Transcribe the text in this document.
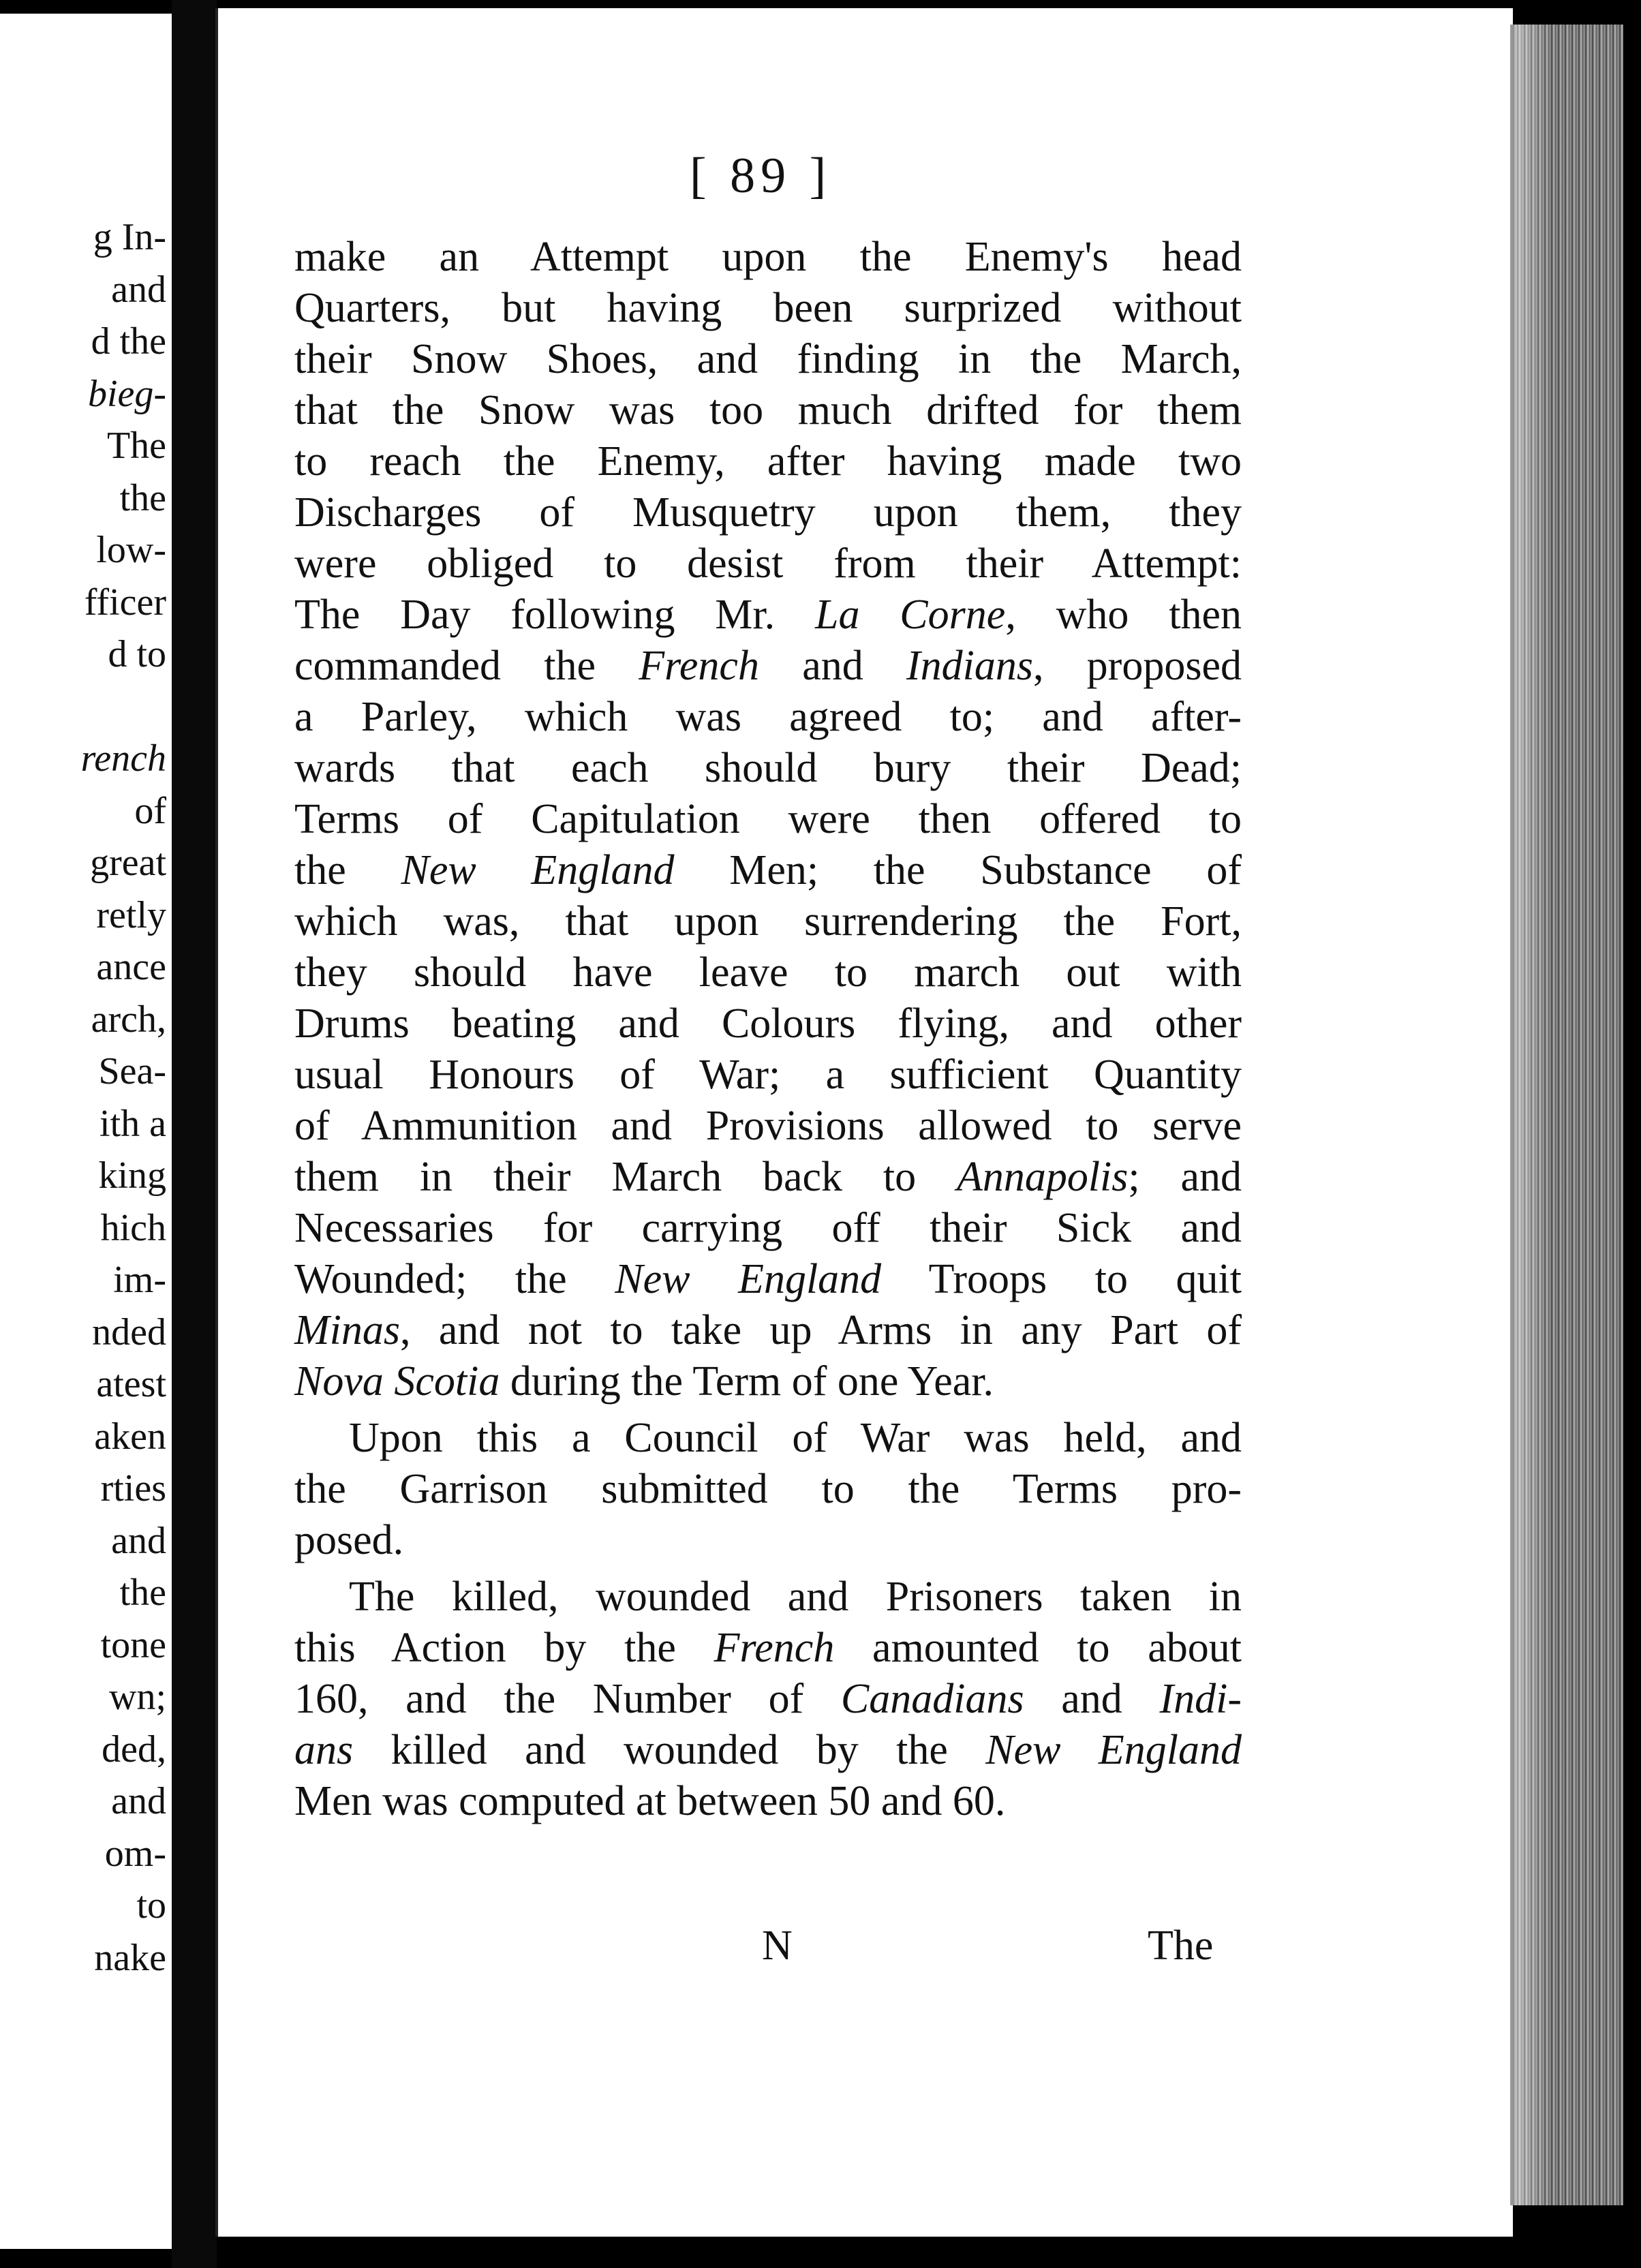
g In-
and
d the
bieg-
The
the
low-
fficer
d to
rench
of
great
retly
ance
arch,
Sea-
ith a
king
hich
im-
nded
atest
aken
rties
and
the
tone
wn;
ded,
and
om-
to
nake
[ 89 ]
make an Attempt upon the Enemy's head
Quarters, but having been surprized without
their Snow Shoes, and finding in the March,
that the Snow was too much drifted for them
to reach the Enemy, after having made two
Discharges of Musquetry upon them, they
were obliged to desist from their Attempt:
The Day following Mr. La Corne, who then
commanded the French and Indians, proposed
a Parley, which was agreed to; and after-
wards that each should bury their Dead;
Terms of Capitulation were then offered to
the New England Men; the Substance of
which was, that upon surrendering the Fort,
they should have leave to march out with
Drums beating and Colours flying, and other
usual Honours of War; a sufficient Quantity
of Ammunition and Provisions allowed to serve
them in their March back to Annapolis; and
Necessaries for carrying off their Sick and
Wounded; the New England Troops to quit
Minas, and not to take up Arms in any Part of
Nova Scotia during the Term of one Year.
Upon this a Council of War was held, and
the Garrison submitted to the Terms pro-
posed.
The killed, wounded and Prisoners taken in
this Action by the French amounted to about
160, and the Number of Canadians and Indi-
ans killed and wounded by the New England
Men was computed at between 50 and 60.
N	The
